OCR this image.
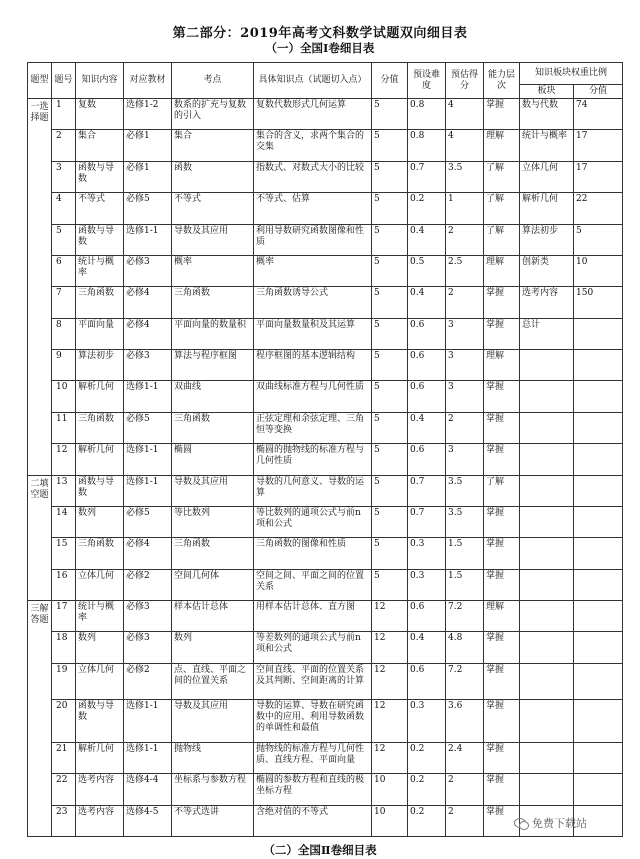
第二部分：2019年高考文科数学试题双向细目表
（一）全国Ⅰ卷细目表
题型	题号	知识内容	对应教材	考点	具体知识点（试题切入点）	分值	预设难度	预估得分	能力层次	知识板块权重比例	
										板块	分值
一选择题	1	复数	选修1-2	数系的扩充与复数的引入	复数代数形式几何运算	5	0.8	4	掌握	数与代数	74
	2	集合	必修1	集合	集合的含义，求两个集合的交集	5	0.8	4	理解	统计与概率	17
	3	函数与导数	必修1	函数	指数式、对数式大小的比较	5	0.7	3.5	了解	立体几何	17
	4	不等式	必修5	不等式	不等式、估算	5	0.2	1	了解	解析几何	22
	5	函数与导数	选修1-1	导数及其应用	利用导数研究函数图像和性质	5	0.4	2	了解	算法初步	5
	6	统计与概率	必修3	概率	概率	5	0.5	2.5	理解	创新类	10
	7	三角函数	必修4	三角函数	三角函数诱导公式	5	0.4	2	掌握	选考内容	150
	8	平面向量	必修4	平面向量的数量积	平面向量数量积及其运算	5	0.6	3	掌握	总计	
	9	算法初步	必修3	算法与程序框图	程序框图的基本逻辑结构	5	0.6	3	理解		
	10	解析几何	选修1-1	双曲线	双曲线标准方程与几何性质	5	0.6	3	掌握		
	11	三角函数	必修5	三角函数	正弦定理和余弦定理、三角恒等变换	5	0.4	2	掌握		
	12	解析几何	选修1-1	椭圆	椭圆的抛物线的标准方程与几何性质	5	0.6	3	掌握		
二填空题	13	函数与导数	选修1-1	导数及其应用	导数的几何意义、导数的运算	5	0.7	3.5	了解		
	14	数列	必修5	等比数列	等比数列的通项公式与前n项和公式	5	0.7	3.5	掌握		
	15	三角函数	必修4	三角函数	三角函数的图像和性质	5	0.3	1.5	掌握		
	16	立体几何	必修2	空间几何体	空间之间、平面之间的位置关系	5	0.3	1.5	掌握		
三解答题	17	统计与概率	必修3	样本估计总体	用样本估计总体、直方图	12	0.6	7.2	理解		
	18	数列	必修3	数列	等差数列的通项公式与前n项和公式	12	0.4	4.8	掌握		
	19	立体几何	必修2	点、直线、平面之间的位置关系	空间直线、平面的位置关系及其判断、空间距离的计算	12	0.6	7.2	掌握		
	20	函数与导数	选修1-1	导数及其应用	导数的运算、导数在研究函数中的应用、利用导数函数的单调性和最值	12	0.3	3.6	掌握		
	21	解析几何	选修1-1	抛物线	抛物线的标准方程与几何性质、直线方程、平面向量	12	0.2	2.4	掌握		
	22	选考内容	选修4-4	坐标系与参数方程	椭圆的参数方程和直线的极坐标方程	10	0.2	2	掌握		
	23	选考内容	选修4-5	不等式选讲	含绝对值的不等式	10	0.2	2	掌握		
免费下载站
（二）全国Ⅱ卷细目表
